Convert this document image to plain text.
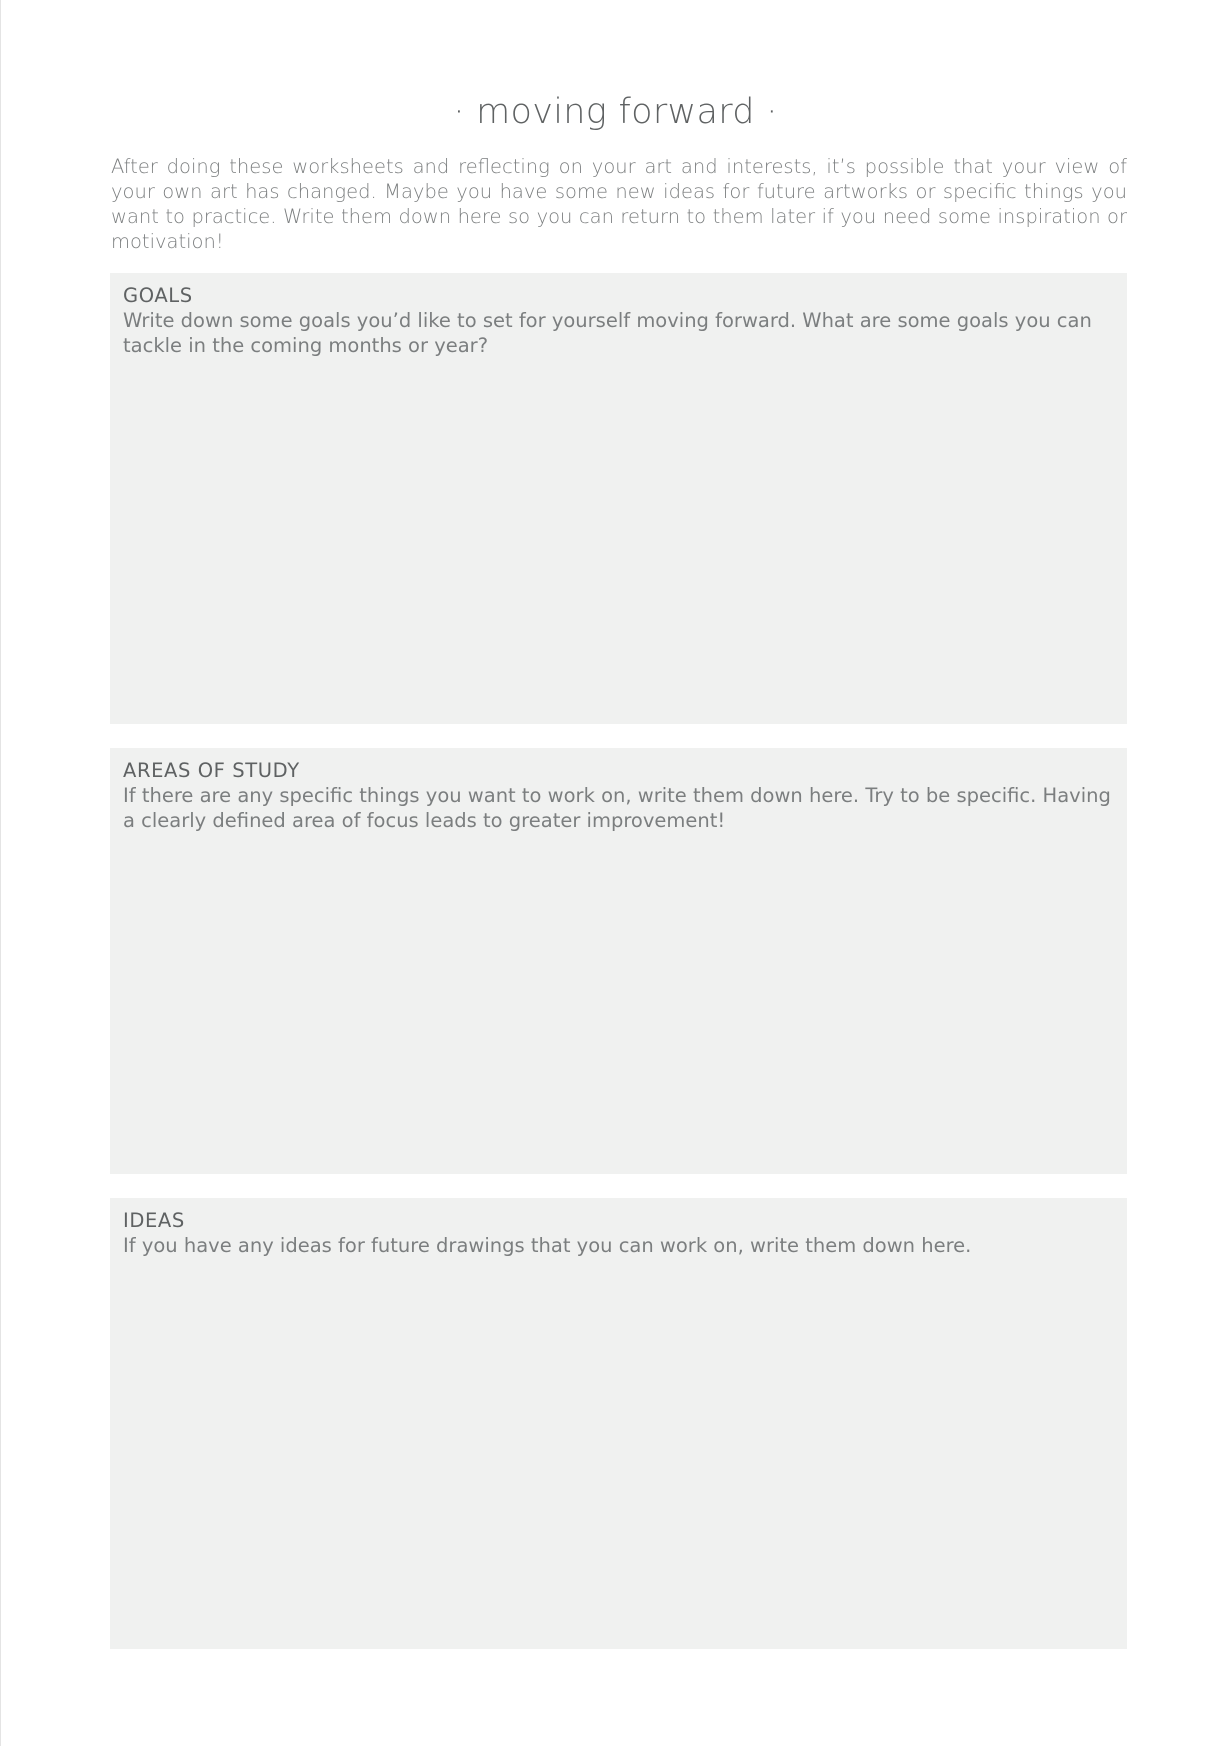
· moving forward ·

After doing these worksheets and reflecting on your art and interests, it’s possible that your view of your own art has changed. Maybe you have some new ideas for future artworks or specific things you want to practice. Write them down here so you can return to them later if you need some inspiration or motivation!

GOALS
Write down some goals you’d like to set for yourself moving forward. What are some goals you can tackle in the coming months or year?
AREAS OF STUDY
If there are any specific things you want to work on, write them down here. Try to be specific. Having a clearly defined area of focus leads to greater improvement!
IDEAS
If you have any ideas for future drawings that you can work on, write them down here.
